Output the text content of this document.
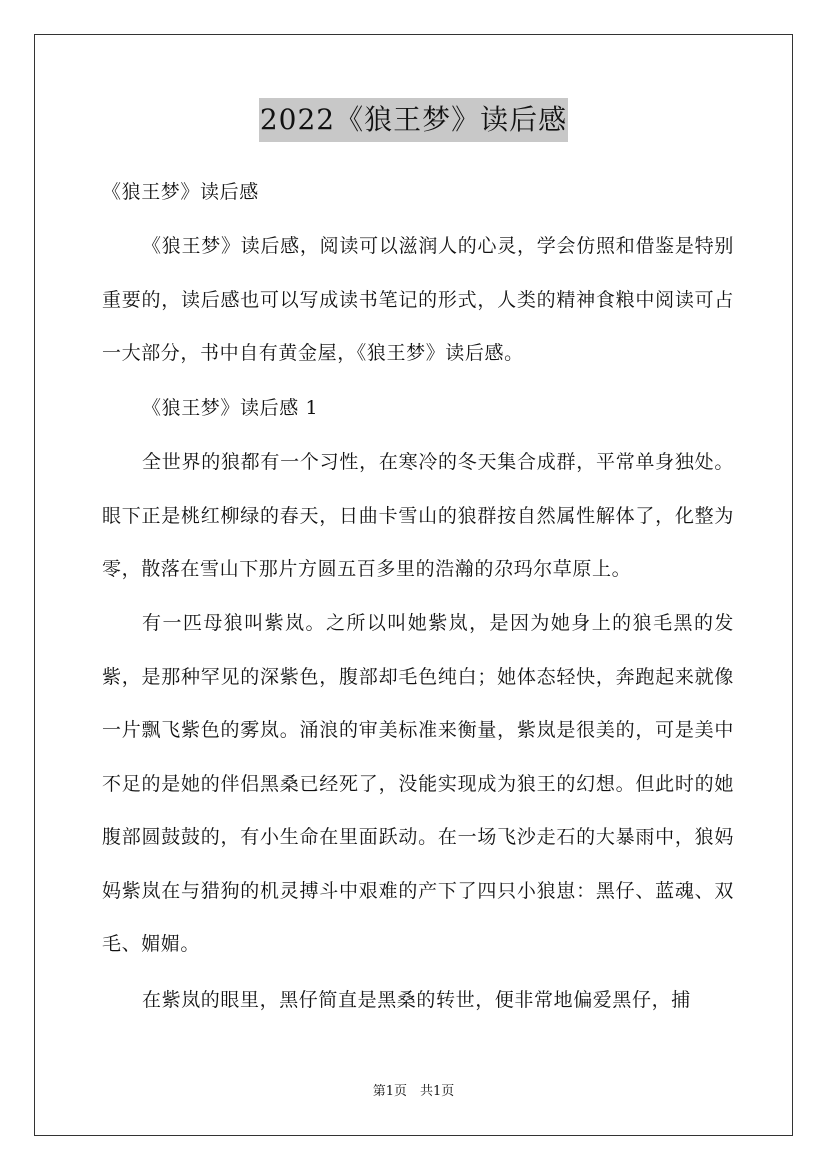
2022《狼王梦》读后感

《狼王梦》读后感

《狼王梦》读后感，阅读可以滋润人的心灵，学会仿照和借鉴是特别重要的，读后感也可以写成读书笔记的形式，人类的精神食粮中阅读可占一大部分，书中自有黄金屋，《狼王梦》读后感。

《狼王梦》读后感 1

全世界的狼都有一个习性，在寒冷的冬天集合成群，平常单身独处。眼下正是桃红柳绿的春天，日曲卡雪山的狼群按自然属性解体了，化整为零，散落在雪山下那片方圆五百多里的浩瀚的尕玛尔草原上。

有一匹母狼叫紫岚。之所以叫她紫岚，是因为她身上的狼毛黑的发紫，是那种罕见的深紫色，腹部却毛色纯白；她体态轻快，奔跑起来就像一片飘飞紫色的雾岚。涌浪的审美标准来衡量，紫岚是很美的，可是美中不足的是她的伴侣黑桑已经死了，没能实现成为狼王的幻想。但此时的她腹部圆鼓鼓的，有小生命在里面跃动。在一场飞沙走石的大暴雨中，狼妈妈紫岚在与猎狗的机灵搏斗中艰难的产下了四只小狼崽：黑仔、蓝魂、双毛、媚媚。

在紫岚的眼里，黑仔简直是黑桑的转世，便非常地偏爱黑仔，捕

第1页　共1页
